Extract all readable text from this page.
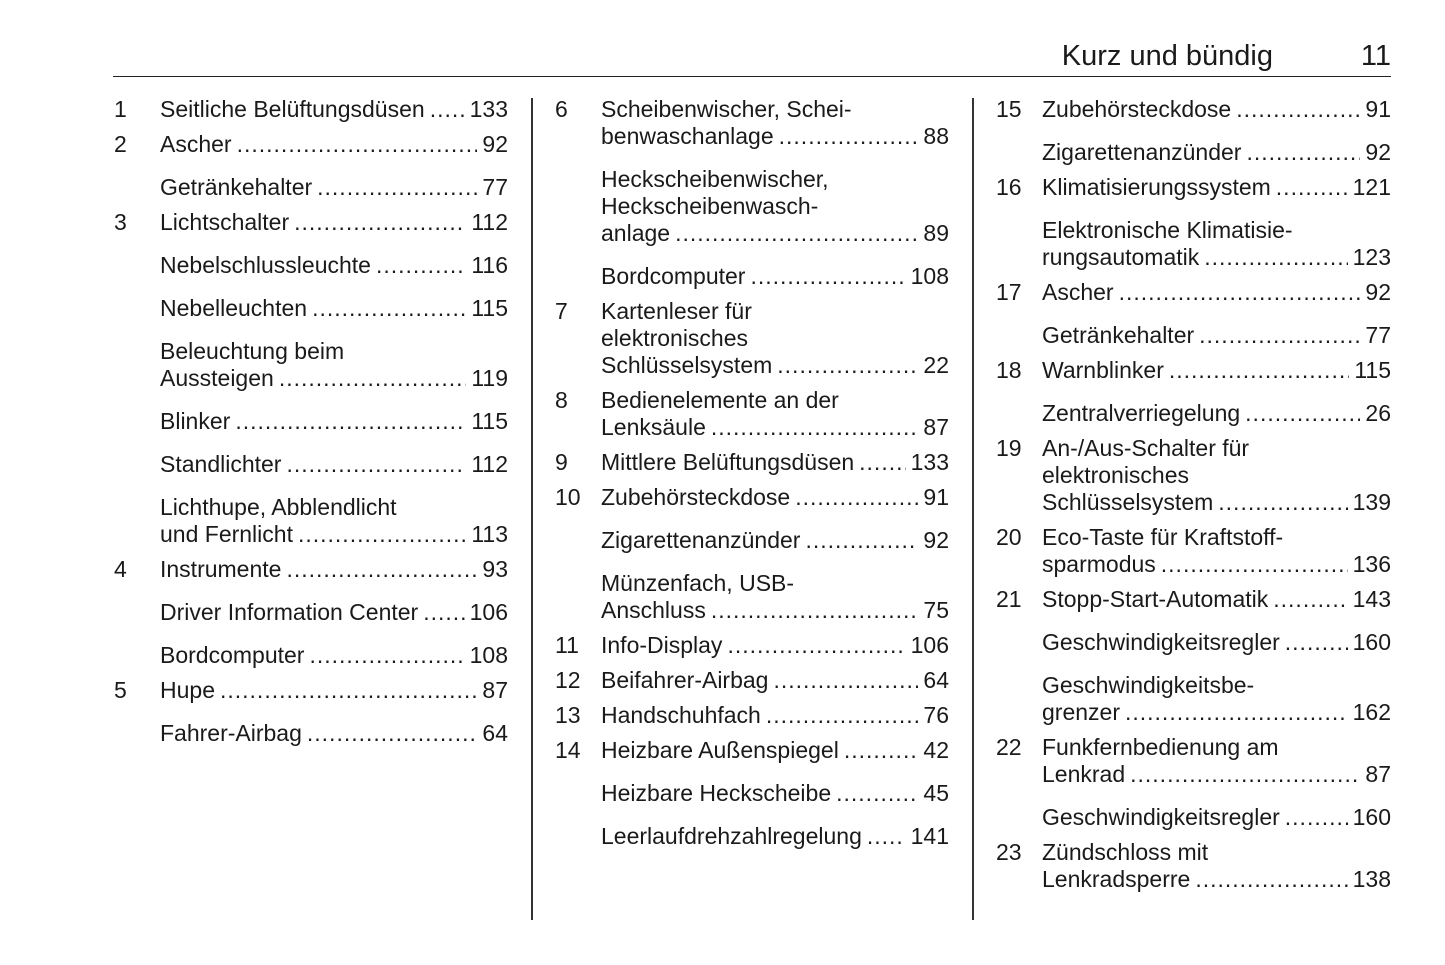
Kurz und bündig	11
1 Seitliche Belüftungsdüsen ..... 133
2 Ascher .....	92
Getränkehalter .....	77
3 Lichtschalter .....	112
Nebelschlussleuchte .....	116
Nebelleuchten .....	115
Beleuchtung beim
Aussteigen .....	119
Blinker .....	115
Standlichter .....	112
Lichthupe, Abblendlicht
und Fernlicht .....	113
4 Instrumente .....	93
Driver Information Center ..... 106
Bordcomputer .....	108
5 Hupe .....	87
Fahrer-Airbag .....	64
6 Scheibenwischer, Schei-
benwaschanlage .....	88
Heckscheibenwischer,
Heckscheibenwasch-
anlage .....	89
Bordcomputer .....	108
7 Kartenleser für
elektronisches
Schlüsselsystem .....	22
8 Bedienelemente an der
Lenksäule .....	87
9 Mittlere Belüftungsdüsen ..... 133
10 Zubehörsteckdose .....	91
Zigarettenanzünder .....	92
Münzenfach, USB-
Anschluss .....	75
11 Info-Display .....	106
12 Beifahrer-Airbag .....	64
13 Handschuhfach .....	76
14 Heizbare Außenspiegel .....	42
Heizbare Heckscheibe .....	45
Leerlaufdrehzahlregelung ..... 141
15 Zubehörsteckdose .....	91
Zigarettenanzünder .....	92
16 Klimatisierungssystem .....	121
Elektronische Klimatisie-
rungsautomatik .....	123
17 Ascher .....	92
Getränkehalter .....	77
18 Warnblinker .....	115
Zentralverriegelung .....	26
19 An-/Aus-Schalter für
elektronisches
Schlüsselsystem .....	139
20 Eco-Taste für Kraftstoff-
sparmodus .....	136
21 Stopp-Start-Automatik .....	143
Geschwindigkeitsregler .....	160
Geschwindigkeitsbe-
grenzer .....	162
22 Funkfernbedienung am
Lenkrad .....	87
Geschwindigkeitsregler .....	160
23 Zündschloss mit
Lenkradsperre .....	138
